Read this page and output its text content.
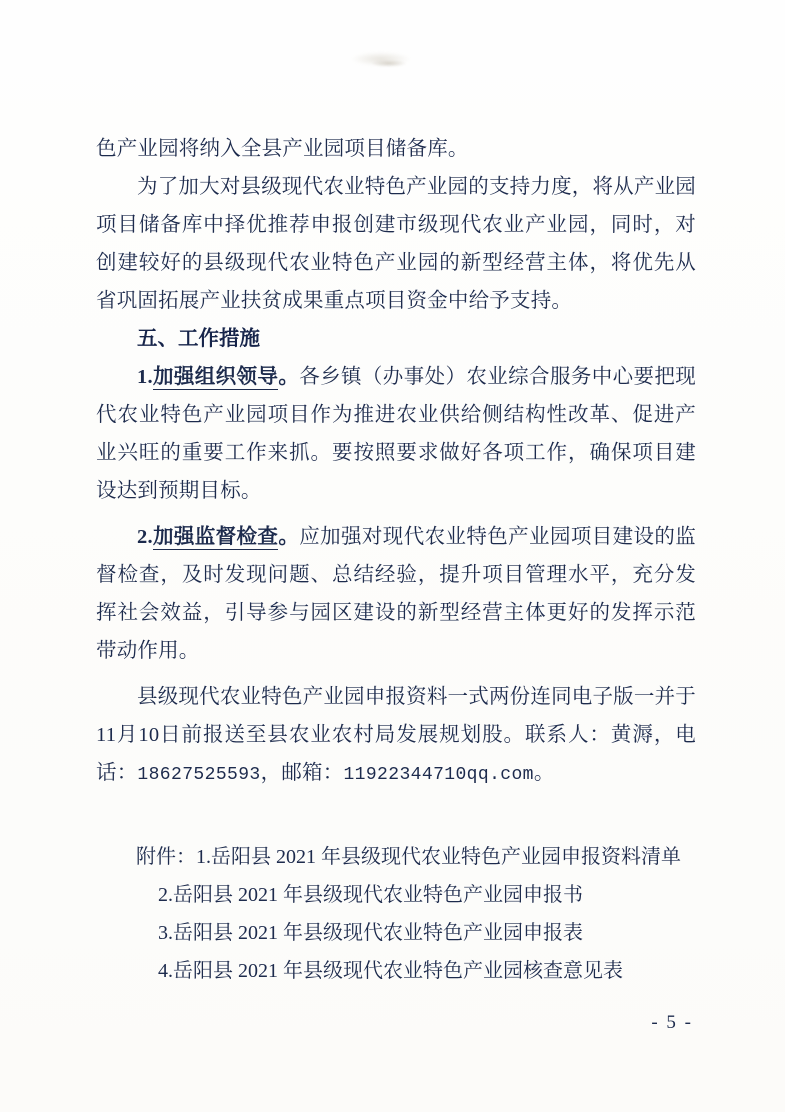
色产业园将纳入全县产业园项目储备库。

为了加大对县级现代农业特色产业园的支持力度，将从产业园项目储备库中择优推荐申报创建市级现代农业产业园，同时，对创建较好的县级现代农业特色产业园的新型经营主体，将优先从省巩固拓展产业扶贫成果重点项目资金中给予支持。

五、工作措施

1.加强组织领导。各乡镇（办事处）农业综合服务中心要把现代农业特色产业园项目作为推进农业供给侧结构性改革、促进产业兴旺的重要工作来抓。要按照要求做好各项工作，确保项目建设达到预期目标。

2.加强监督检查。应加强对现代农业特色产业园项目建设的监督检查，及时发现问题、总结经验，提升项目管理水平，充分发挥社会效益，引导参与园区建设的新型经营主体更好的发挥示范带动作用。

县级现代农业特色产业园申报资料一式两份连同电子版一并于11月10日前报送至县农业农村局发展规划股。联系人：黄溽，电话：18627525593，邮箱：11922344710qq.com。

附件：1.岳阳县 2021 年县级现代农业特色产业园申报资料清单
2.岳阳县 2021 年县级现代农业特色产业园申报书
3.岳阳县 2021 年县级现代农业特色产业园申报表
4.岳阳县 2021 年县级现代农业特色产业园核查意见表
- 5 -
